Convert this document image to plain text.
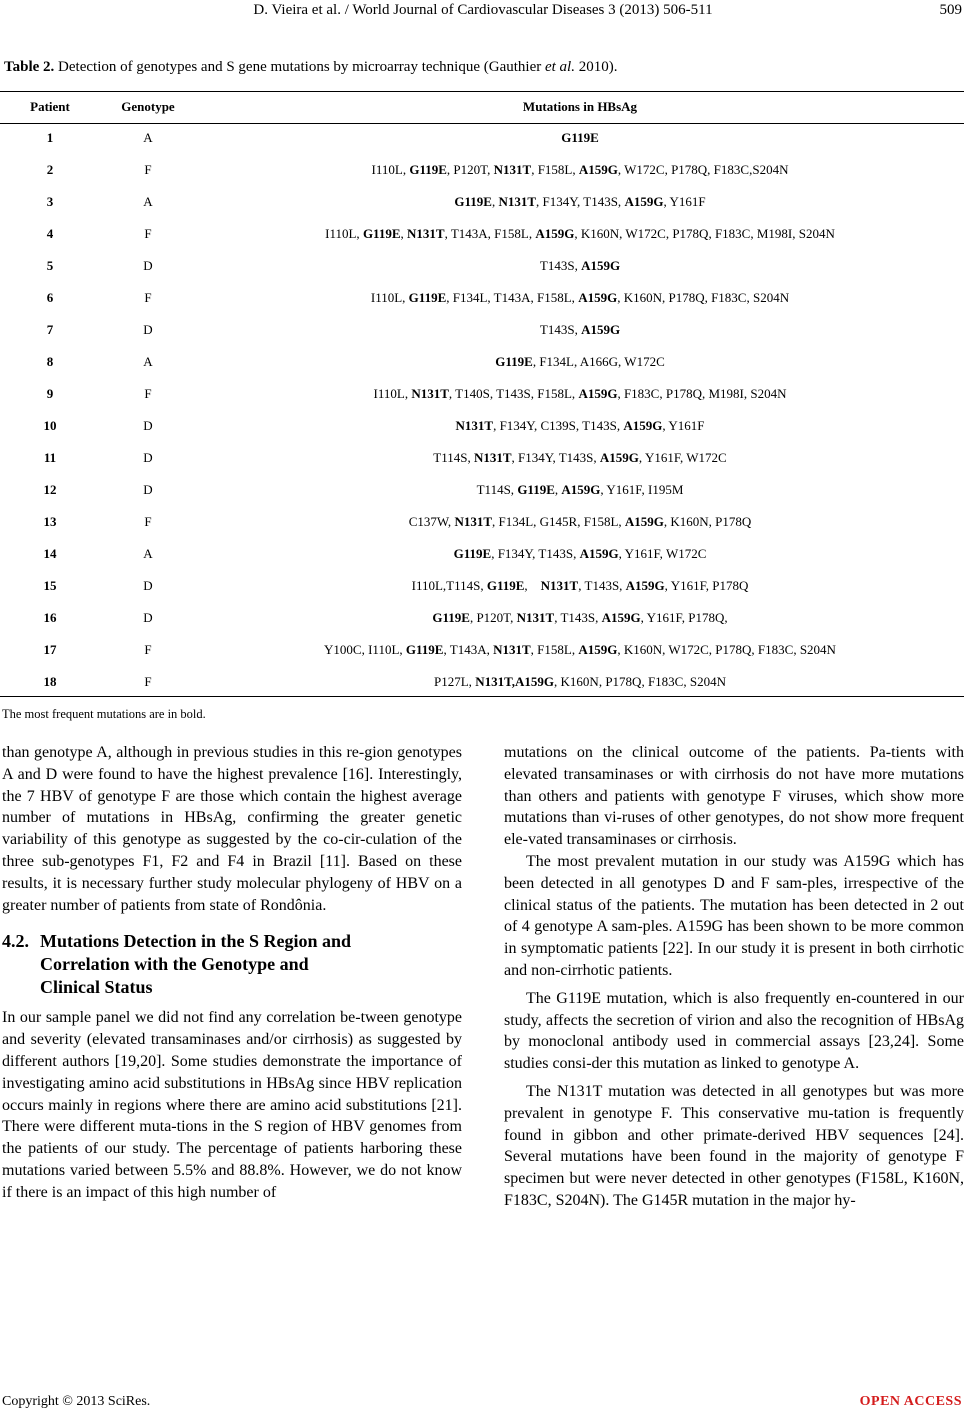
D. Vieira et al. / World Journal of Cardiovascular Diseases 3 (2013) 506-511	509
Table 2. Detection of genotypes and S gene mutations by microarray technique (Gauthier et al. 2010).
Patient	Genotype	Mutations in HBsAg
1	A	G119E
2	F	I110L, G119E, P120T, N131T, F158L, A159G, W172C, P178Q, F183C,S204N
3	A	G119E, N131T, F134Y, T143S, A159G, Y161F
4	F	I110L, G119E, N131T, T143A, F158L, A159G, K160N, W172C, P178Q, F183C, M198I, S204N
5	D	T143S, A159G
6	F	I110L, G119E, F134L, T143A, F158L, A159G, K160N, P178Q, F183C, S204N
7	D	T143S, A159G
8	A	G119E, F134L, A166G, W172C
9	F	I110L, N131T, T140S, T143S, F158L, A159G, F183C, P178Q, M198I, S204N
10	D	N131T, F134Y, C139S, T143S, A159G, Y161F
11	D	T114S, N131T, F134Y, T143S, A159G, Y161F, W172C
12	D	T114S, G119E, A159G, Y161F, I195M
13	F	C137W, N131T, F134L, G145R, F158L, A159G, K160N, P178Q
14	A	G119E, F134Y, T143S, A159G, Y161F, W172C
15	D	I110L,T114S, G119E,    N131T, T143S, A159G, Y161F, P178Q
16	D	G119E, P120T, N131T, T143S, A159G, Y161F, P178Q,
17	F	Y100C, I110L, G119E, T143A, N131T, F158L, A159G, K160N, W172C, P178Q, F183C, S204N
18	F	P127L, N131T,A159G, K160N, P178Q, F183C, S204N
The most frequent mutations are in bold.

than genotype A, although in previous studies in this re-gion genotypes A and D were found to have the highest prevalence [16]. Interestingly, the 7 HBV of genotype F are those which contain the highest average number of mutations in HBsAg, confirming the greater genetic variability of this genotype as suggested by the co-cir-culation of the three sub-genotypes F1, F2 and F4 in Brazil [11]. Based on these results, it is necessary further study molecular phylogeny of HBV on a greater number of patients from state of Rondônia.

4.2. Mutations Detection in the S Region and
Correlation with the Genotype and
Clinical Status

In our sample panel we did not find any correlation be-tween genotype and severity (elevated transaminases and/or cirrhosis) as suggested by different authors [19,20]. Some studies demonstrate the importance of investigating amino acid substitutions in HBsAg since HBV replication occurs mainly in regions where there are amino acid substitutions [21]. There were different muta-tions in the S region of HBV genomes from the patients of our study. The percentage of patients harboring these mutations varied between 5.5% and 88.8%. However, we do not know if there is an impact of this high number of

mutations on the clinical outcome of the patients. Pa-tients with elevated transaminases or with cirrhosis do not have more mutations than others and patients with genotype F viruses, which show more mutations than vi-ruses of other genotypes, do not show more frequent ele-vated transaminases or cirrhosis.

The most prevalent mutation in our study was A159G which has been detected in all genotypes D and F sam-ples, irrespective of the clinical status of the patients. The mutation has been detected in 2 out of 4 genotype A sam-ples. A159G has been shown to be more common in symptomatic patients [22]. In our study it is present in both cirrhotic and non-cirrhotic patients.

The G119E mutation, which is also frequently en-countered in our study, affects the secretion of virion and also the recognition of HBsAg by monoclonal antibody used in commercial assays [23,24]. Some studies consi-der this mutation as linked to genotype A.

The N131T mutation was detected in all genotypes but was more prevalent in genotype F. This conservative mu-tation is frequently found in gibbon and other primate-derived HBV sequences [24]. Several mutations have been found in the majority of genotype F specimen but were never detected in other genotypes (F158L, K160N, F183C, S204N). The G145R mutation in the major hy-

Copyright © 2013 SciRes.	OPEN ACCESS
